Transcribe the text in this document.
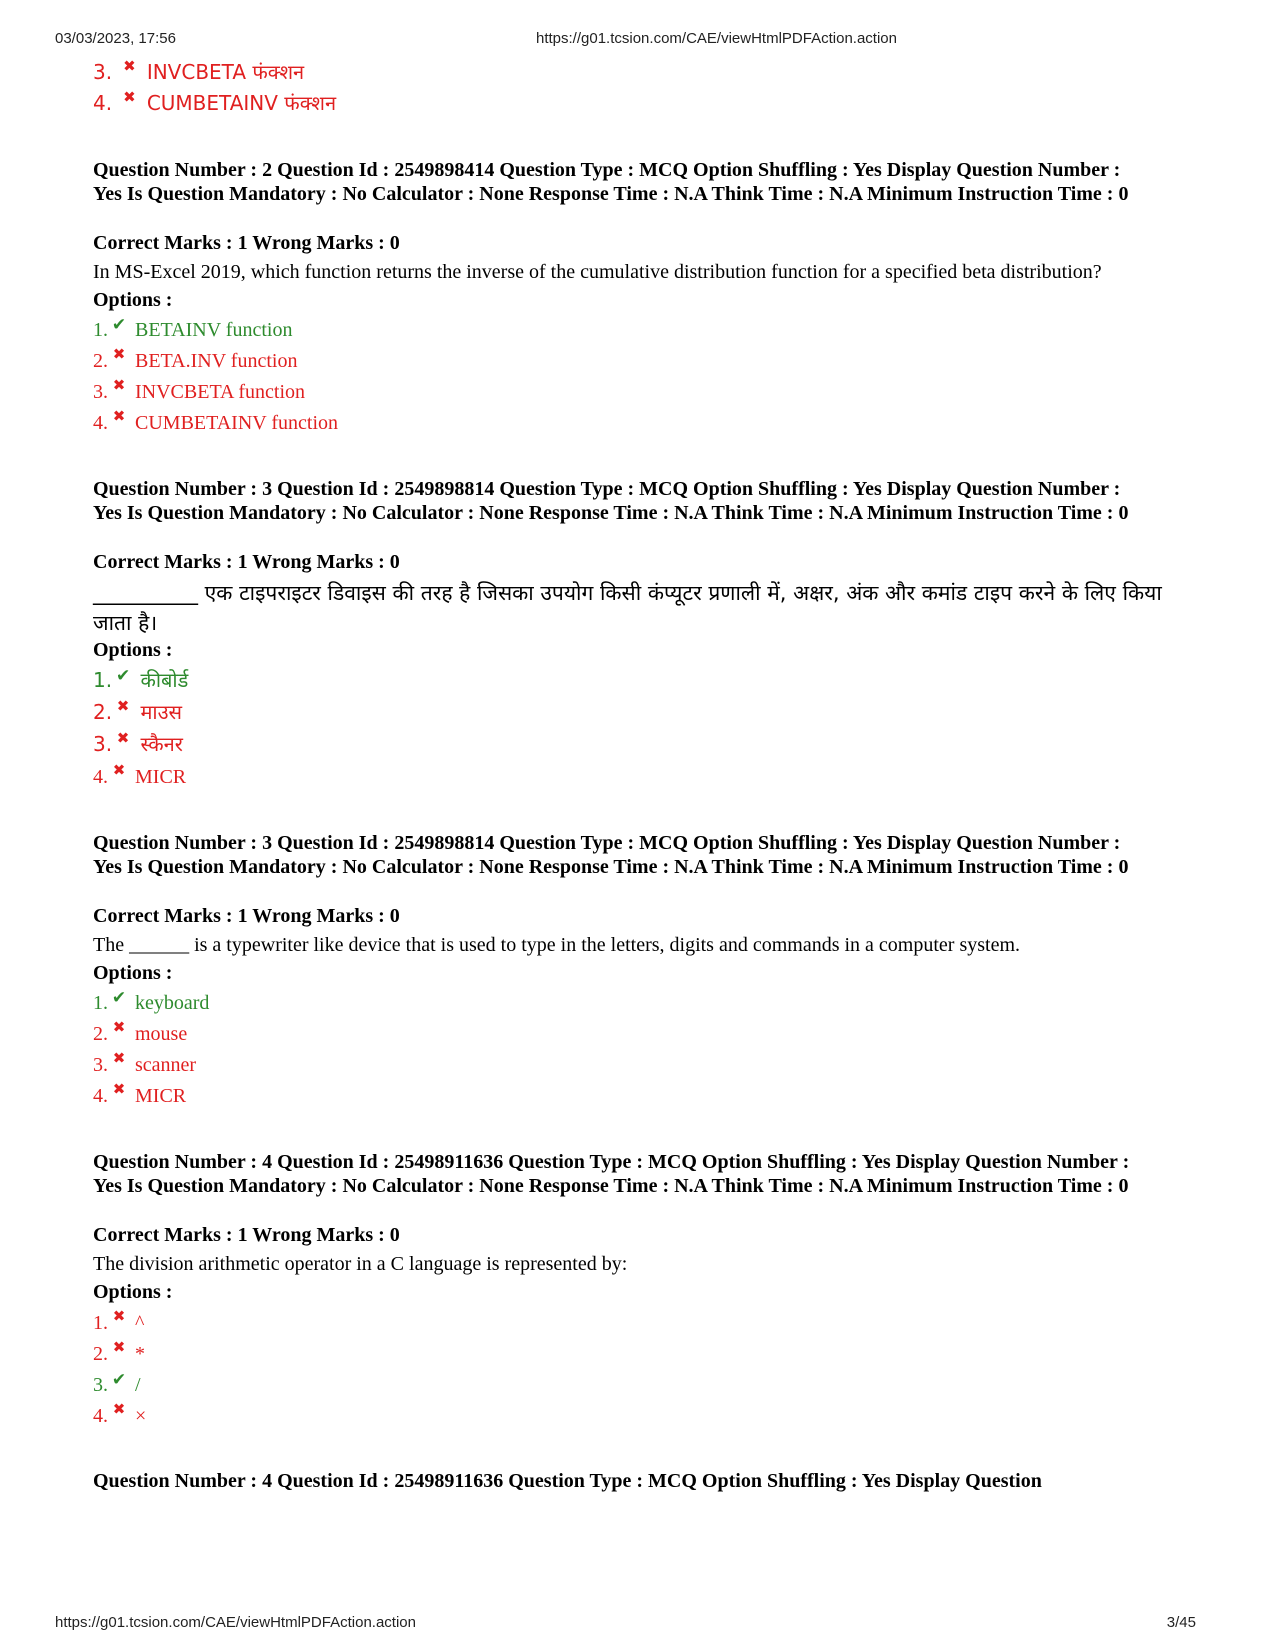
03/03/2023, 17:56	https://g01.tcsion.com/CAE/viewHtmlPDFAction.action
3. ✖ INVCBETA फंक्शन
4. ✖ CUMBETAINV फंक्शन
Question Number : 2 Question Id : 2549898414 Question Type : MCQ Option Shuffling : Yes Display Question Number : Yes Is Question Mandatory : No Calculator : None Response Time : N.A Think Time : N.A Minimum Instruction Time : 0
Correct Marks : 1 Wrong Marks : 0
In MS-Excel 2019, which function returns the inverse of the cumulative distribution function for a specified beta distribution?
Options :
1. ✔ BETAINV function
2. ✖ BETA.INV function
3. ✖ INVCBETA function
4. ✖ CUMBETAINV function
Question Number : 3 Question Id : 2549898814 Question Type : MCQ Option Shuffling : Yes Display Question Number : Yes Is Question Mandatory : No Calculator : None Response Time : N.A Think Time : N.A Minimum Instruction Time : 0
Correct Marks : 1 Wrong Marks : 0
__________ एक टाइपराइटर डिवाइस की तरह है जिसका उपयोग किसी कंप्यूटर प्रणाली में, अक्षर, अंक और कमांड टाइप करने के लिए किया जाता है।
Options :
1. ✔ कीबोर्ड
2. ✖ माउस
3. ✖ स्कैनर
4. ✖ MICR
Question Number : 3 Question Id : 2549898814 Question Type : MCQ Option Shuffling : Yes Display Question Number : Yes Is Question Mandatory : No Calculator : None Response Time : N.A Think Time : N.A Minimum Instruction Time : 0
Correct Marks : 1 Wrong Marks : 0
The ______ is a typewriter like device that is used to type in the letters, digits and commands in a computer system.
Options :
1. ✔ keyboard
2. ✖ mouse
3. ✖ scanner
4. ✖ MICR
Question Number : 4 Question Id : 25498911636 Question Type : MCQ Option Shuffling : Yes Display Question Number : Yes Is Question Mandatory : No Calculator : None Response Time : N.A Think Time : N.A Minimum Instruction Time : 0
Correct Marks : 1 Wrong Marks : 0
The division arithmetic operator in a C language is represented by:
Options :
1. ✖ ^
2. ✖ *
3. ✔ /
4. ✖ ×
Question Number : 4 Question Id : 25498911636 Question Type : MCQ Option Shuffling : Yes Display Question
https://g01.tcsion.com/CAE/viewHtmlPDFAction.action	3/45
